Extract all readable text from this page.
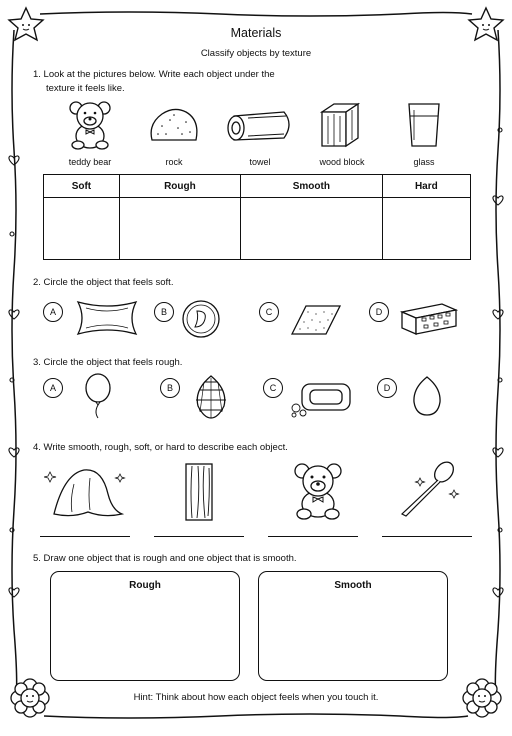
Materials
Classify objects by texture
1. Look at the pictures below. Write each object under the
texture it feels like.
teddy bear	rock	towel	wood block	glass
Soft	Rough	Smooth	Hard

2. Circle the object that feels soft.
A	B	C	D
3. Circle the object that feels rough.
A	B	C	D
4. Write smooth, rough, soft, or hard to describe each object.
5. Draw one object that is rough and one object that is smooth.
Rough	Smooth
Hint: Think about how each object feels when you touch it.
